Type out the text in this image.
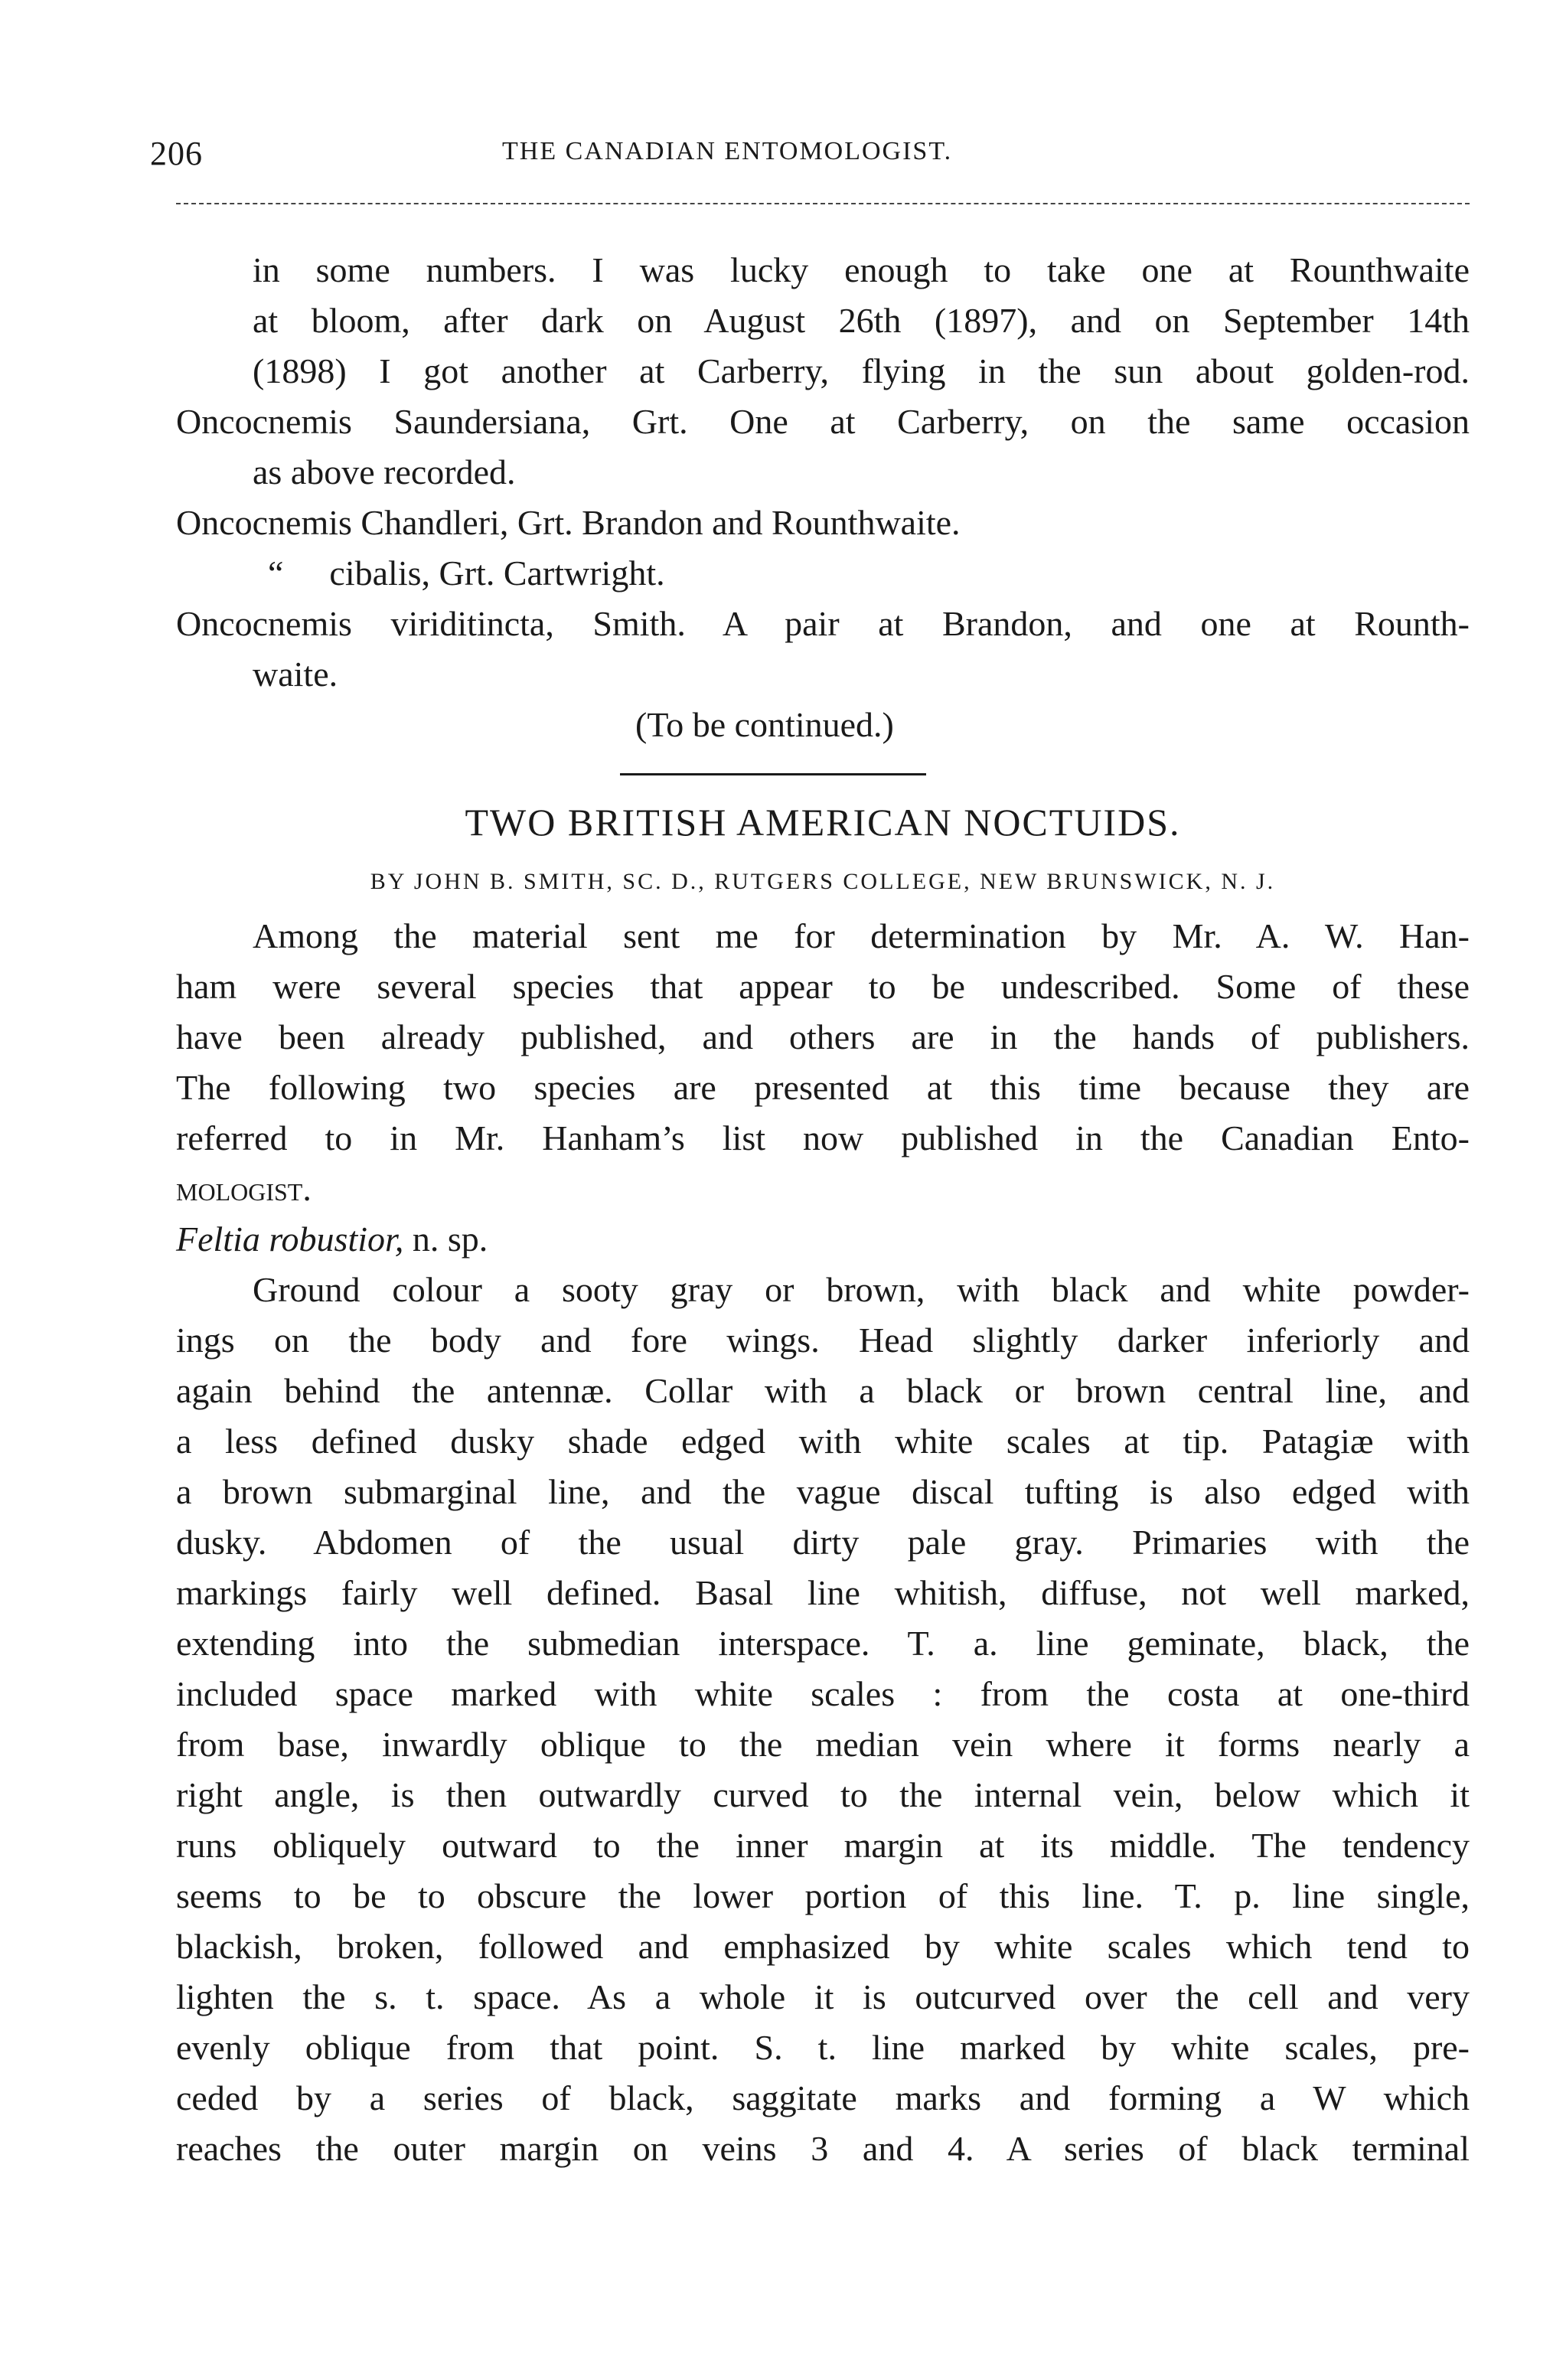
206	THE CANADIAN ENTOMOLOGIST.
in some numbers. I was lucky enough to take one at Rounthwaite
at bloom, after dark on August 26th (1897), and on September 14th
(1898) I got another at Carberry, flying in the sun about golden-rod.
Oncocnemis Saundersiana, Grt. One at Carberry, on the same occasion
as above recorded.
Oncocnemis Chandleri, Grt. Brandon and Rounthwaite.
“ cibalis, Grt. Cartwright.
Oncocnemis viriditincta, Smith. A pair at Brandon, and one at Rounth-
waite.
(To be continued.)
TWO BRITISH AMERICAN NOCTUIDS.
BY JOHN B. SMITH, SC. D., RUTGERS COLLEGE, NEW BRUNSWICK, N. J.
Among the material sent me for determination by Mr. A. W. Han-
ham were several species that appear to be undescribed. Some of these
have been already published, and others are in the hands of publishers.
The following two species are presented at this time because they are
referred to in Mr. Hanham’s list now published in the Canadian Ento-
mologist.
Feltia robustior, n. sp.
Ground colour a sooty gray or brown, with black and white powder-
ings on the body and fore wings. Head slightly darker inferiorly and
again behind the antennæ. Collar with a black or brown central line, and
a less defined dusky shade edged with white scales at tip. Patagiæ with
a brown submarginal line, and the vague discal tufting is also edged with
dusky. Abdomen of the usual dirty pale gray. Primaries with the
markings fairly well defined. Basal line whitish, diffuse, not well marked,
extending into the submedian interspace. T. a. line geminate, black, the
included space marked with white scales : from the costa at one-third
from base, inwardly oblique to the median vein where it forms nearly a
right angle, is then outwardly curved to the internal vein, below which it
runs obliquely outward to the inner margin at its middle. The tendency
seems to be to obscure the lower portion of this line. T. p. line single,
blackish, broken, followed and emphasized by white scales which tend to
lighten the s. t. space. As a whole it is outcurved over the cell and very
evenly oblique from that point. S. t. line marked by white scales, pre-
ceded by a series of black, saggitate marks and forming a W which
reaches the outer margin on veins 3 and 4. A series of black terminal
